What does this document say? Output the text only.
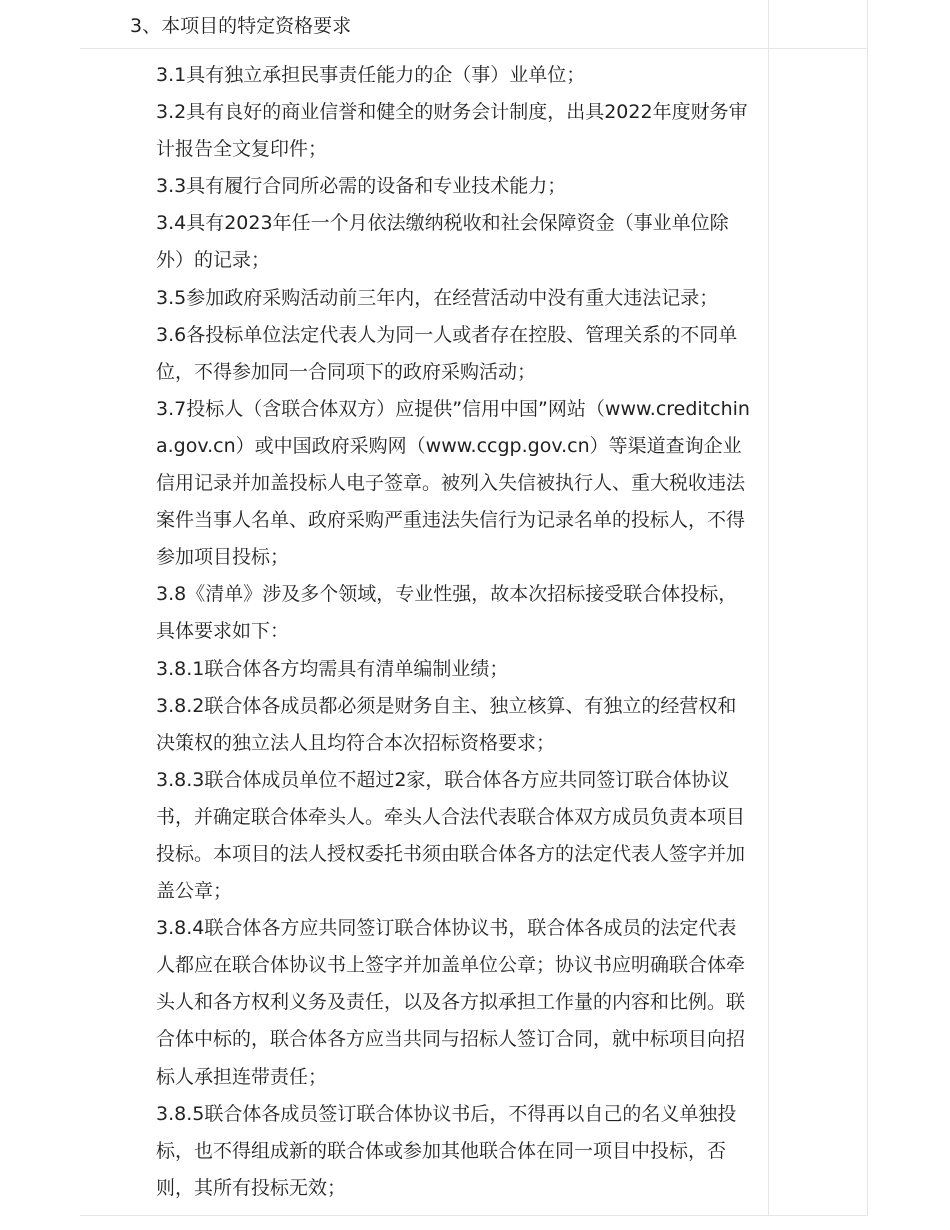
3、本项目的特定资格要求

3.1具有独立承担民事责任能力的企（事）业单位；

3.2具有良好的商业信誉和健全的财务会计制度，出具2022年度财务审
计报告全文复印件；

3.3具有履行合同所必需的设备和专业技术能力；

3.4具有2023年任一个月依法缴纳税收和社会保障资金（事业单位除
外）的记录；

3.5参加政府采购活动前三年内，在经营活动中没有重大违法记录；

3.6各投标单位法定代表人为同一人或者存在控股、管理关系的不同单
位，不得参加同一合同项下的政府采购活动；

3.7投标人（含联合体双方）应提供”信用中国”网站（www.creditchin
a.gov.cn）或中国政府采购网（www.ccgp.gov.cn）等渠道查询企业
信用记录并加盖投标人电子签章。被列入失信被执行人、重大税收违法
案件当事人名单、政府采购严重违法失信行为记录名单的投标人，不得
参加项目投标；

3.8《清单》涉及多个领域，专业性强，故本次招标接受联合体投标，
具体要求如下：

3.8.1联合体各方均需具有清单编制业绩；

3.8.2联合体各成员都必须是财务自主、独立核算、有独立的经营权和
决策权的独立法人且均符合本次招标资格要求；

3.8.3联合体成员单位不超过2家，联合体各方应共同签订联合体协议
书，并确定联合体牵头人。牵头人合法代表联合体双方成员负责本项目
投标。本项目的法人授权委托书须由联合体各方的法定代表人签字并加
盖公章；

3.8.4联合体各方应共同签订联合体协议书，联合体各成员的法定代表
人都应在联合体协议书上签字并加盖单位公章；协议书应明确联合体牵
头人和各方权利义务及责任，以及各方拟承担工作量的内容和比例。联
合体中标的，联合体各方应当共同与招标人签订合同，就中标项目向招
标人承担连带责任；

3.8.5联合体各成员签订联合体协议书后，不得再以自己的名义单独投
标，也不得组成新的联合体或参加其他联合体在同一项目中投标，否
则，其所有投标无效；
